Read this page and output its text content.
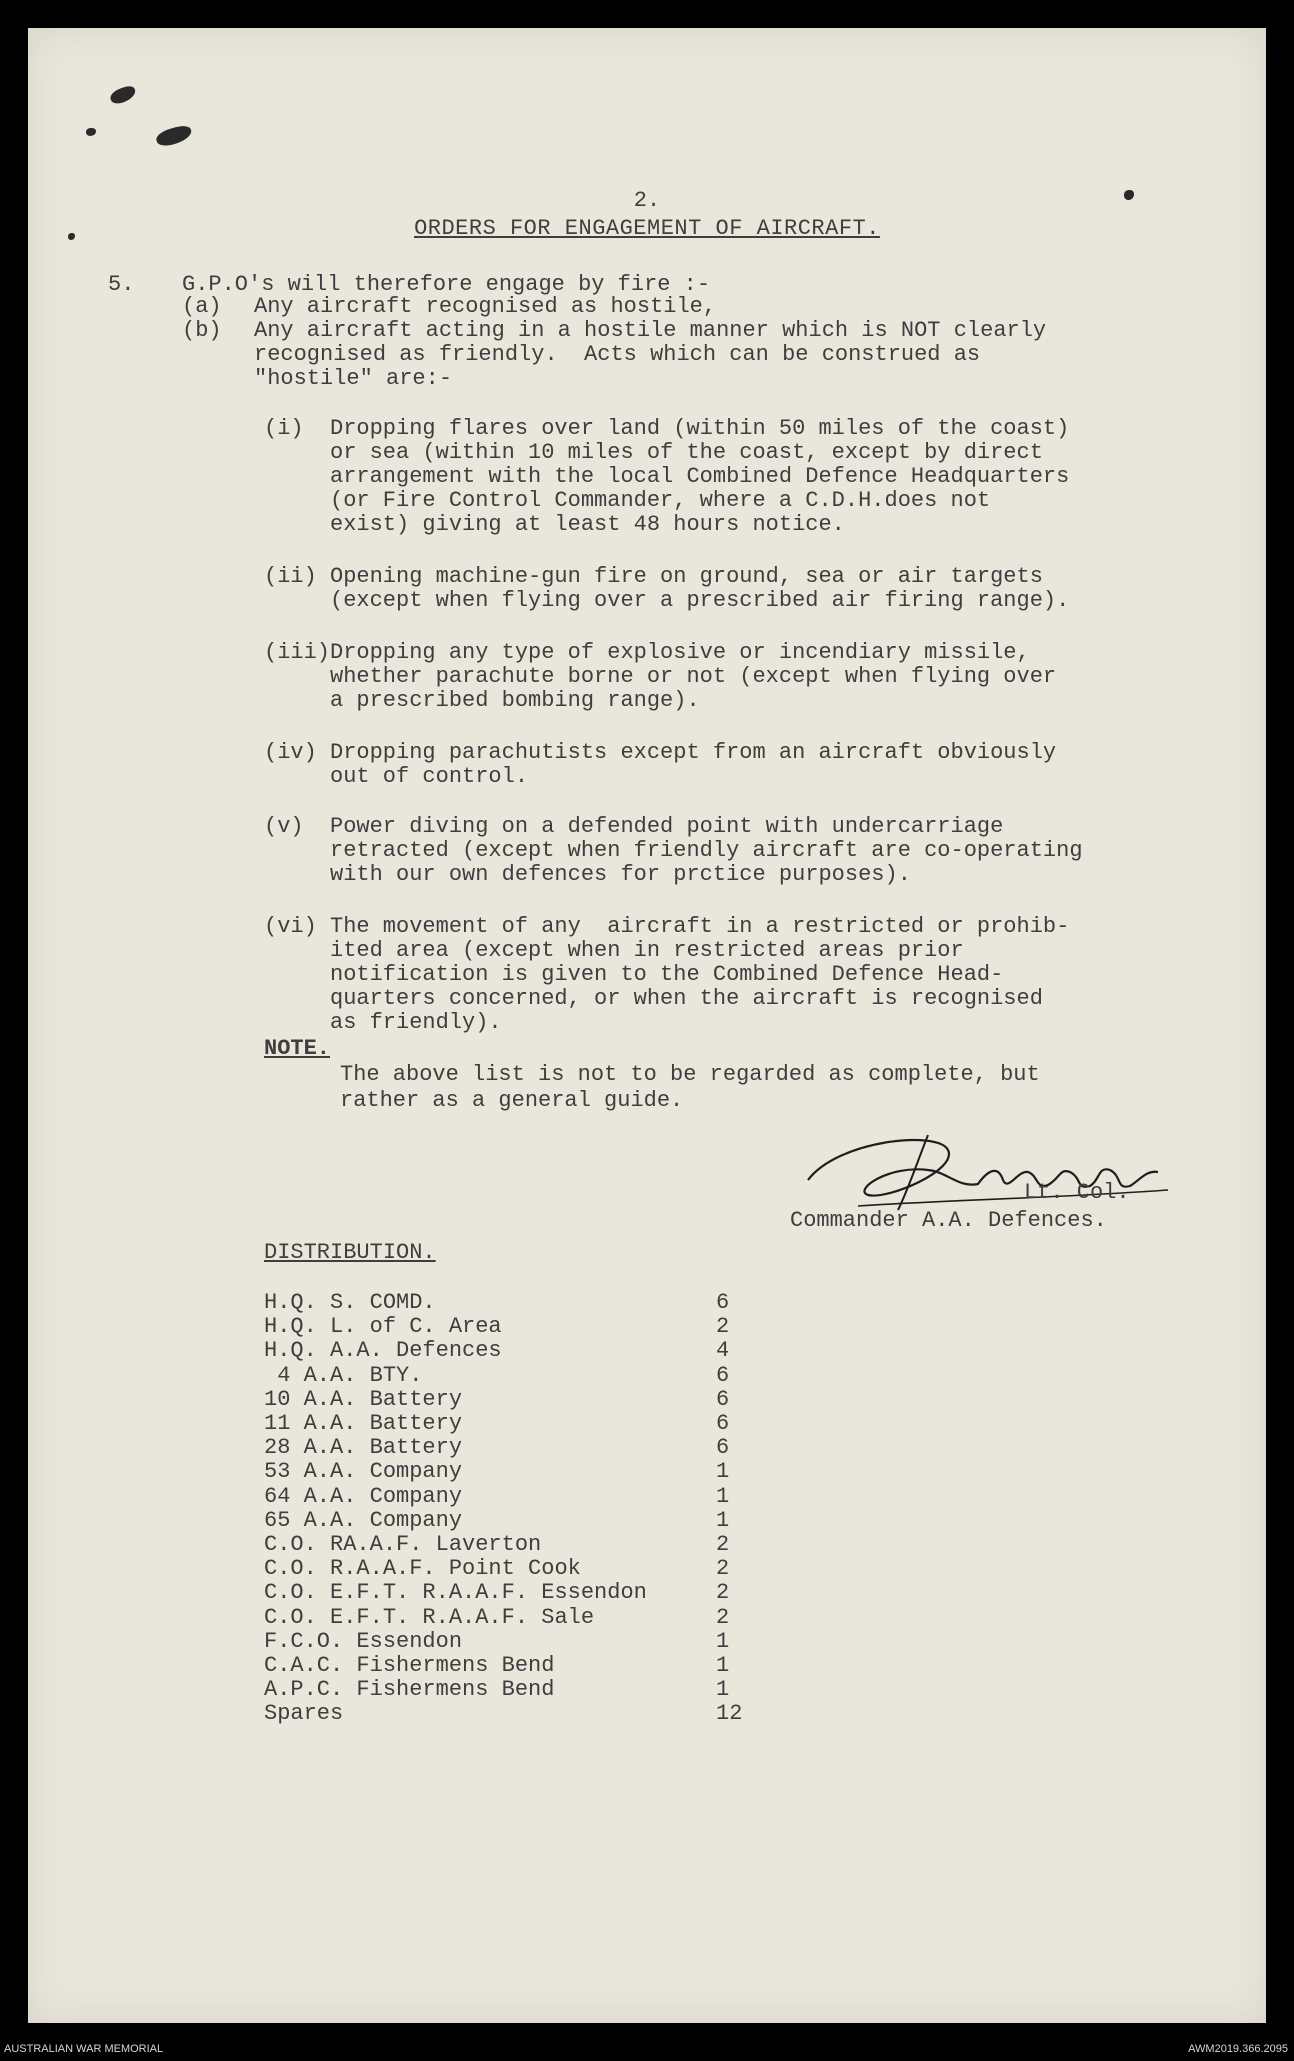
2.
ORDERS FOR ENGAGEMENT OF AIRCRAFT.
5. G.P.O's will therefore engage by fire :-
(a) Any aircraft recognised as hostile,
(b) Any aircraft acting in a hostile manner which is NOT clearly
recognised as friendly.  Acts which can be construed as
"hostile" are:-
(i) Dropping flares over land (within 50 miles of the coast)
or sea (within 10 miles of the coast, except by direct
arrangement with the local Combined Defence Headquarters
(or Fire Control Commander, where a C.D.H.does not
exist) giving at least 48 hours notice.
(ii) Opening machine-gun fire on ground, sea or air targets
(except when flying over a prescribed air firing range).
(iii) Dropping any type of explosive or incendiary missile,
whether parachute borne or not (except when flying over
a prescribed bombing range).
(iv) Dropping parachutists except from an aircraft obviously
out of control.
(v) Power diving on a defended point with undercarriage
retracted (except when friendly aircraft are co-operating
with our own defences for prctice purposes).
(vi) The movement of any  aircraft in a restricted or prohib-
ited area (except when in restricted areas prior
notification is given to the Combined Defence Head-
quarters concerned, or when the aircraft is recognised
as friendly).
NOTE.
The above list is not to be regarded as complete, but
rather as a general guide.
Lt. Col.
Commander A.A. Defences.
DISTRIBUTION.
H.Q. S. COMD.	6
H.Q. L. of C. Area	2
H.Q. A.A. Defences	4
4 A.A. BTY.	6
10 A.A. Battery	6
11 A.A. Battery	6
28 A.A. Battery	6
53 A.A. Company	1
64 A.A. Company	1
65 A.A. Company	1
C.O. RA.A.F. Laverton	2
C.O. R.A.A.F. Point Cook	2
C.O. E.F.T. R.A.A.F. Essendon	2
C.O. E.F.T. R.A.A.F. Sale	2
F.C.O. Essendon	1
C.A.C. Fishermens Bend	1
A.P.C. Fishermens Bend	1
Spares	12
AUSTRALIAN WAR MEMORIAL	AWM2019.366.2095
